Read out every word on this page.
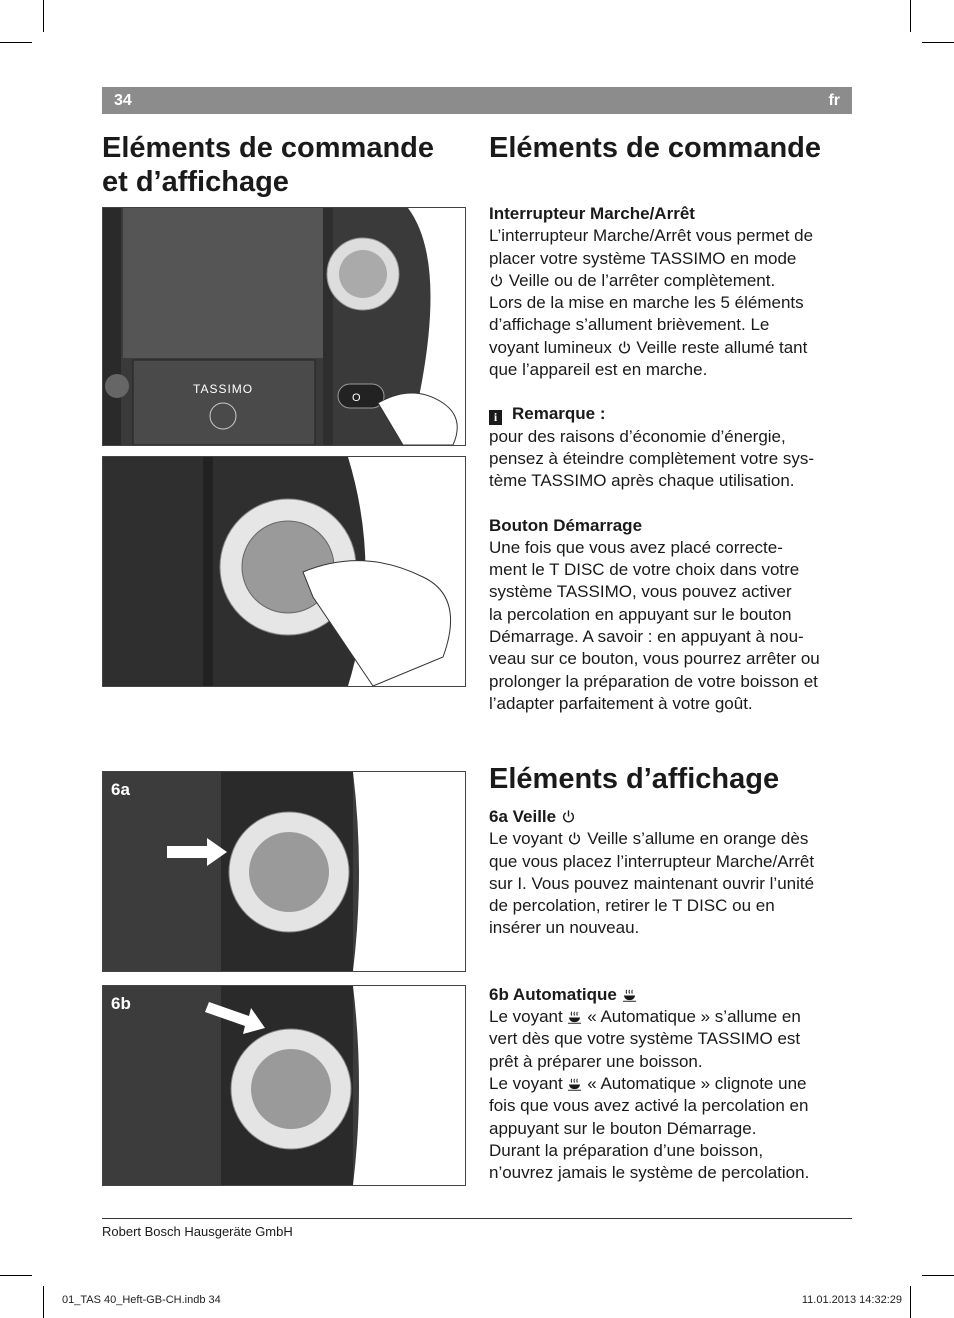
34	fr
Eléments de commande
et d’affichage
Eléments de commande
O
TASSIMO
6a
6b

Interrupteur Marche/Arrêt

L’interrupteur Marche/Arrêt vous permet de

placer votre système TASSIMO en mode

Veille ou de l’arrêter complètement.

Lors de la mise en marche les 5 éléments

d’affichage s’allument brièvement. Le

voyant lumineux Veille reste allumé tant

que l’appareil est en marche.

i Remarque :

pour des raisons d’économie d’énergie,

pensez à éteindre complètement votre sys-

tème TASSIMO après chaque utilisation.

Bouton Démarrage

Une fois que vous avez placé correcte-

ment le T DISC de votre choix dans votre

système TASSIMO, vous pouvez activer

la percolation en appuyant sur le bouton

Démarrage. A savoir : en appuyant à nou-

veau sur ce bouton, vous pourrez arrêter ou

prolonger la préparation de votre boisson et

l’adapter parfaitement à votre goût.

Eléments d’affichage

6a Veille

Le voyant Veille s’allume en orange dès

que vous placez l’interrupteur Marche/Arrêt

sur I. Vous pouvez maintenant ouvrir l’unité

de percolation, retirer le T DISC ou en

insérer un nouveau.

6b Automatique

Le voyant « Automatique » s’allume en

vert dès que votre système TASSIMO est

prêt à préparer une boisson.

Le voyant « Automatique » clignote une

fois que vous avez activé la percolation en

appuyant sur le bouton Démarrage.

Durant la préparation d’une boisson,

n’ouvrez jamais le système de percolation.

Robert Bosch Hausgeräte GmbH
01_TAS 40_Heft-GB-CH.indb 34	11.01.2013 14:32:29
